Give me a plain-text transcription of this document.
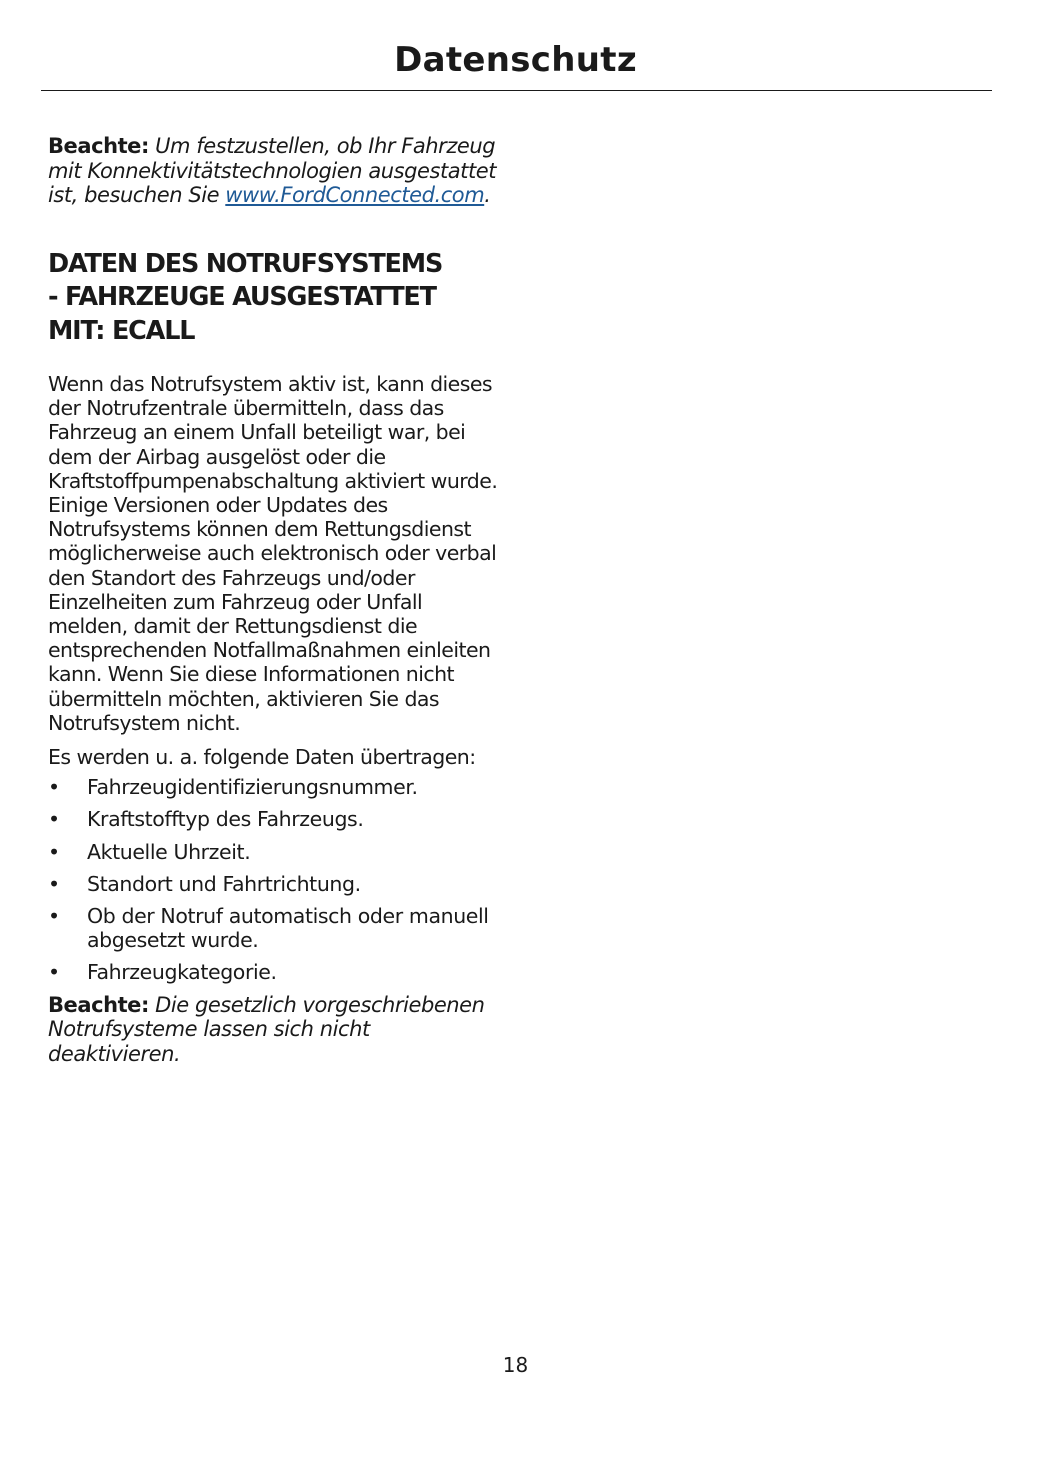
Datenschutz

Beachte: Um festzustellen, ob Ihr Fahrzeug mit Konnektivitätstechnologien ausgestattet ist, besuchen Sie www.FordConnected.com.

DATEN DES NOTRUFSYSTEMS
- FAHRZEUGE AUSGESTATTET
MIT: ECALL

Wenn das Notrufsystem aktiv ist, kann dieses der Notrufzentrale übermitteln, dass das Fahrzeug an einem Unfall beteiligt war, bei dem der Airbag ausgelöst oder die Kraftstoffpumpenabschaltung aktiviert wurde. Einige Versionen oder Updates des Notrufsystems können dem Rettungsdienst möglicherweise auch elektronisch oder verbal den Standort des Fahrzeugs und/oder Einzelheiten zum Fahrzeug oder Unfall melden, damit der Rettungsdienst die entsprechenden Notfallmaßnahmen einleiten kann. Wenn Sie diese Informationen nicht übermitteln möchten, aktivieren Sie das Notrufsystem nicht.

Es werden u. a. folgende Daten übertragen:

• Fahrzeugidentifizierungsnummer.
• Kraftstofftyp des Fahrzeugs.
• Aktuelle Uhrzeit.
• Standort und Fahrtrichtung.
• Ob der Notruf automatisch oder manuell abgesetzt wurde.
• Fahrzeugkategorie.

Beachte: Die gesetzlich vorgeschriebenen Notrufsysteme lassen sich nicht deaktivieren.

18
